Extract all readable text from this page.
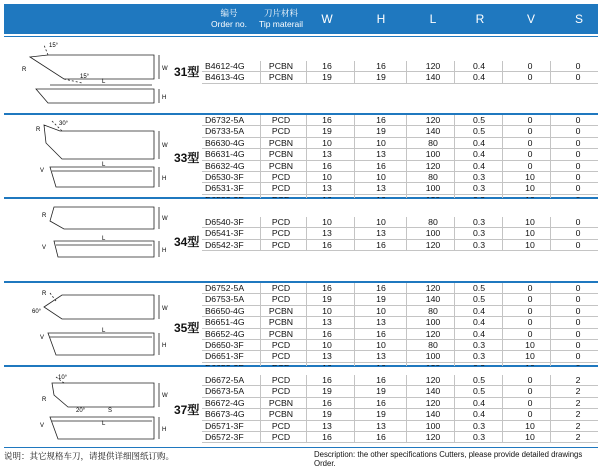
编号
Order no.
刀片材料
Tip materail	W	H	L	R	V	S
15°
15°
R	W
L
H
31型 B4612-4G	PCBN	16	16	120	0.4	0	0
B4613-4G	PCBN	19	19	140	0.4	0	0
30°
R
W
V
L
H
33型
D6732-5A	PCD	16	16	120	0.5	0	0
D6733-5A	PCD	19	19	140	0.5	0	0
B6630-4G	PCBN	10	10	80	0.4	0	0
B6631-4G	PCBN	13	13	100	0.4	0	0
B6632-4G	PCBN	16	16	120	0.4	0	0
D6530-3F	PCD	10	10	80	0.3	10	0
D6531-3F	PCD	13	13	100	0.3	10	0
R	W
V
L
H
34型
D6540-3F	PCD	10	10	80	0.3	10	0
D6541-3F	PCD	13	13	100	0.3	10	0
D6542-3F	PCD	16	16	120	0.3	10	0
R
60°	W
V
L
H
35型
D6752-5A	PCD	16	16	120	0.5	0	0
D6753-5A	PCD	19	19	140	0.5	0	0
B6650-4G	PCBN	10	10	80	0.4	0	0
B6651-4G	PCBN	13	13	100	0.4	0	0
B6652-4G	PCBN	16	16	120	0.4	0	0
D6650-3F	PCD	10	10	80	0.3	10	0
D6651-3F	PCD	13	13	100	0.3	10	0
10°
R
20°
W
S
V	L
H
37型
D6672-5A	PCD	16	16	120	0.5	0	2
D6673-5A	PCD	19	19	140	0.5	0	2
B6672-4G	PCBN	16	16	120	0.4	0	2
B6673-4G	PCBN	19	19	140	0.4	0	2
D6571-3F	PCD	13	13	100	0.3	10	2
D6572-3F	PCD	16	16	120	0.3	10	2
说明：其它规格车刀，请提供详细图纸订购。	Description: the other specifications Cutters, please provide detailed drawings Order.
